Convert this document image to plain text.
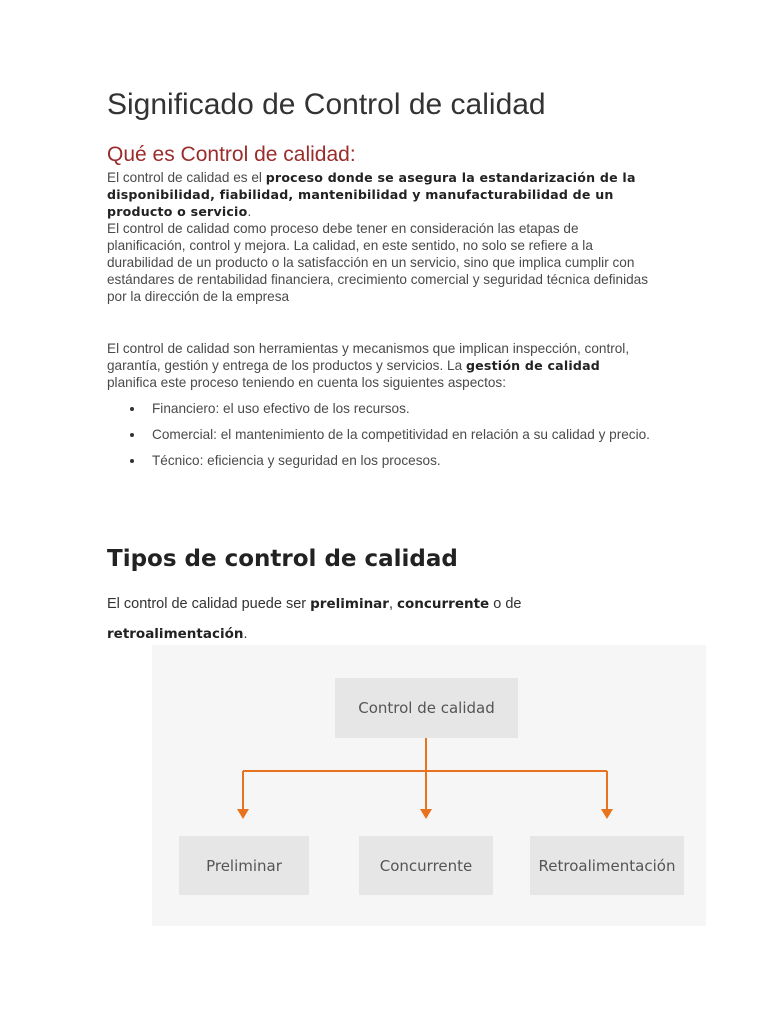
Significado de Control de calidad
Qué es Control de calidad:

El control de calidad es el proceso donde se asegura la estandarización de la disponibilidad, fiabilidad, mantenibilidad y manufacturabilidad de un producto o servicio.
El control de calidad como proceso debe tener en consideración las etapas de planificación, control y mejora. La calidad, en este sentido, no solo se refiere a la durabilidad de un producto o la satisfacción en un servicio, sino que implica cumplir con estándares de rentabilidad financiera, crecimiento comercial y seguridad técnica definidas por la dirección de la empresa

El control de calidad son herramientas y mecanismos que implican inspección, control, garantía, gestión y entrega de los productos y servicios. La gestión de calidad planifica este proceso teniendo en cuenta los siguientes aspectos:

Financiero: el uso efectivo de los recursos.
Comercial: el mantenimiento de la competitividad en relación a su calidad y precio.
Técnico: eficiencia y seguridad en los procesos.
Tipos de control de calidad

El control de calidad puede ser preliminar, concurrente o de retroalimentación.

Control de calidad
Preliminar	Concurrente	Retroalimentación
